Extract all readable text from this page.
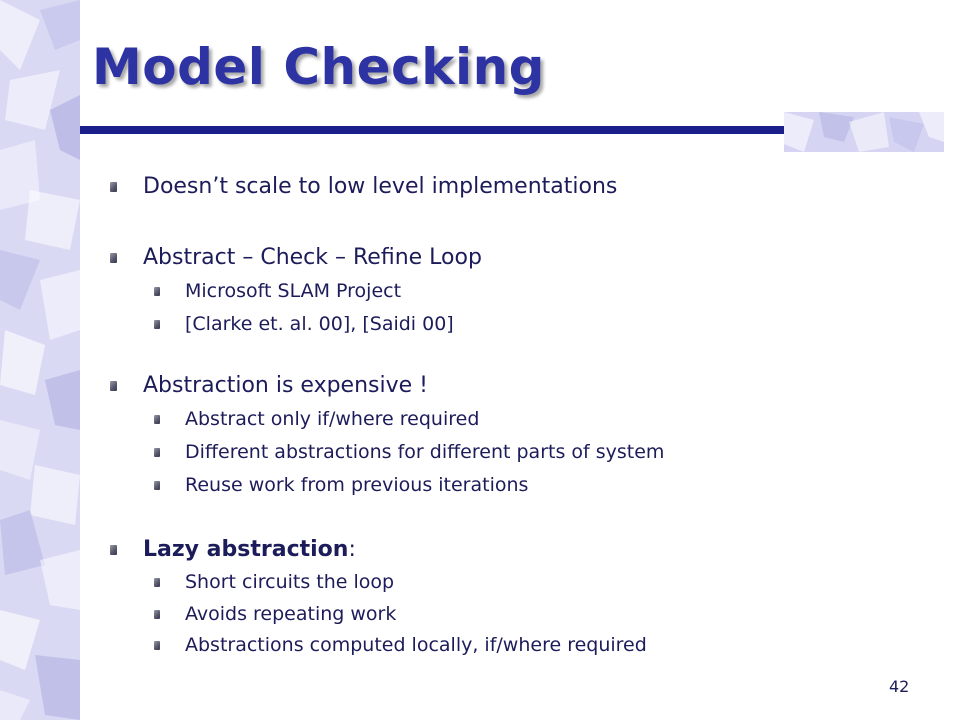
Model Checking
Doesn’t scale to low level implementations
Abstract – Check – Refine Loop
Microsoft SLAM Project
[Clarke et. al. 00], [Saidi 00]
Abstraction is expensive !
Abstract only if/where required
Different abstractions for different parts of system
Reuse work from previous iterations
Lazy abstraction:
Short circuits the loop
Avoids repeating work
Abstractions computed locally, if/where required
42
